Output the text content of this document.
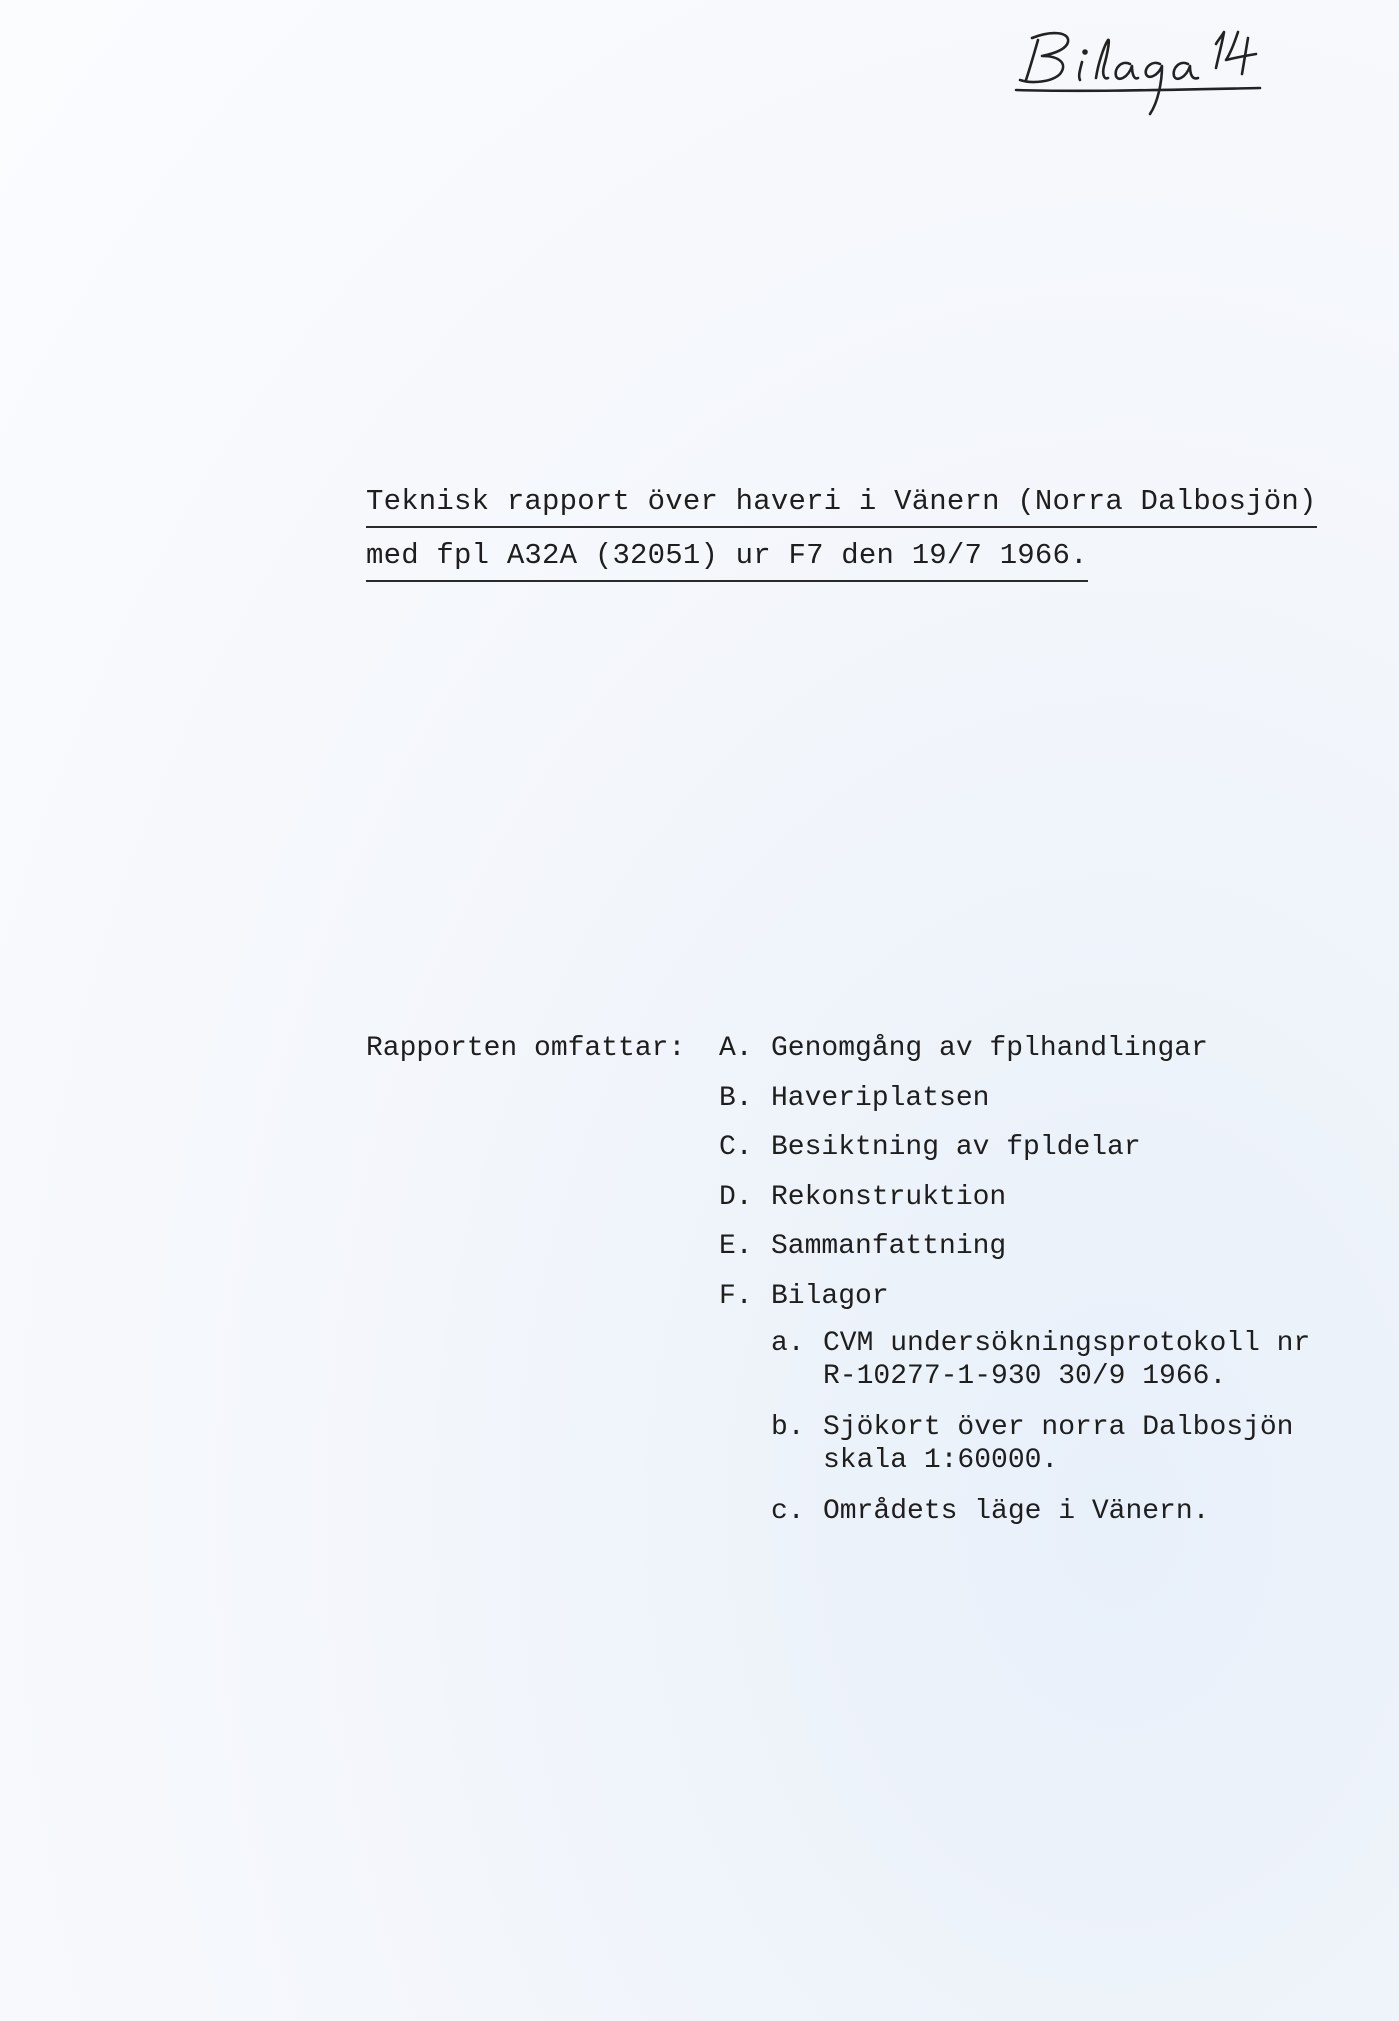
Teknisk rapport över haveri i Vänern (Norra Dalbosjön)
med fpl A32A (32051) ur F7 den 19/7 1966.
Rapporten omfattar: A. Genomgång av fplhandlingar
B. Haveriplatsen
C. Besiktning av fpldelar
D. Rekonstruktion
E. Sammanfattning
F. Bilagor
a. CVM undersökningsprotokoll nr
R-10277-1-930 30/9 1966.
b. Sjökort över norra Dalbosjön
skala 1:60000.
c. Områdets läge i Vänern.
